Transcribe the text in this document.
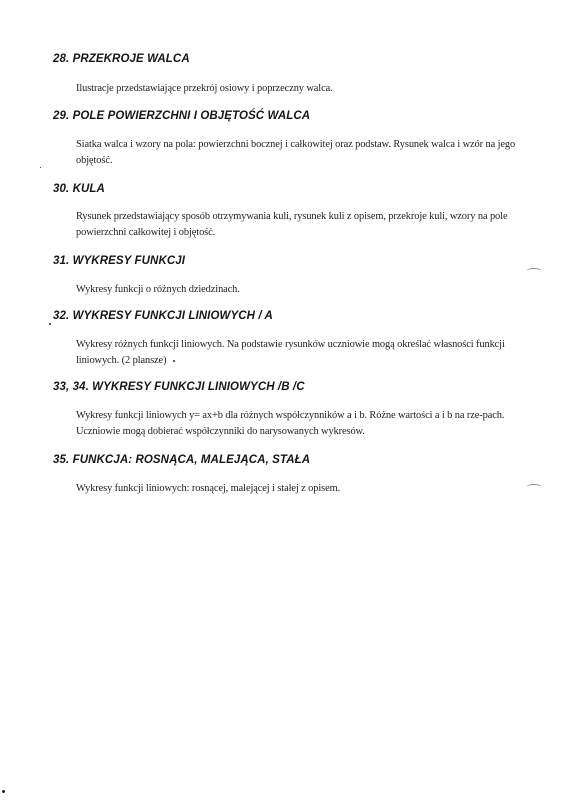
28. PRZEKROJE WALCA
Ilustracje przedstawiające przekrój osiowy i poprzeczny walca.
29. POLE POWIERZCHNI I OBJĘTOŚĆ WALCA
Siatka walca i wzory na pola: powierzchni bocznej i całkowitej oraz podstaw. Rysunek walca i wzór na jego objętość.
30. KULA
Rysunek przedstawiający sposób otrzymywania kuli, rysunek kuli z opisem, przekroje kuli, wzory na pole powierzchni całkowitej i objętość.
31. WYKRESY FUNKCJI
Wykresy funkcji o różnych dziedzinach.
32. WYKRESY FUNKCJI LINIOWYCH / A
Wykresy różnych funkcji liniowych. Na podstawie rysunków uczniowie mogą określać własności funkcji liniowych. (2 plansze)
33, 34. WYKRESY FUNKCJI LINIOWYCH /B /C
Wykresy funkcji liniowych y= ax+b dla różnych współczynników a i b. Różne wartości a i b na rze-pach. Uczniowie mogą dobierać współczynniki do narysowanych wykresów.
35. FUNKCJA: ROSNĄCA, MALEJĄCA, STAŁA
Wykresy funkcji liniowych: rosnącej, malejącej i stałej z opisem.
